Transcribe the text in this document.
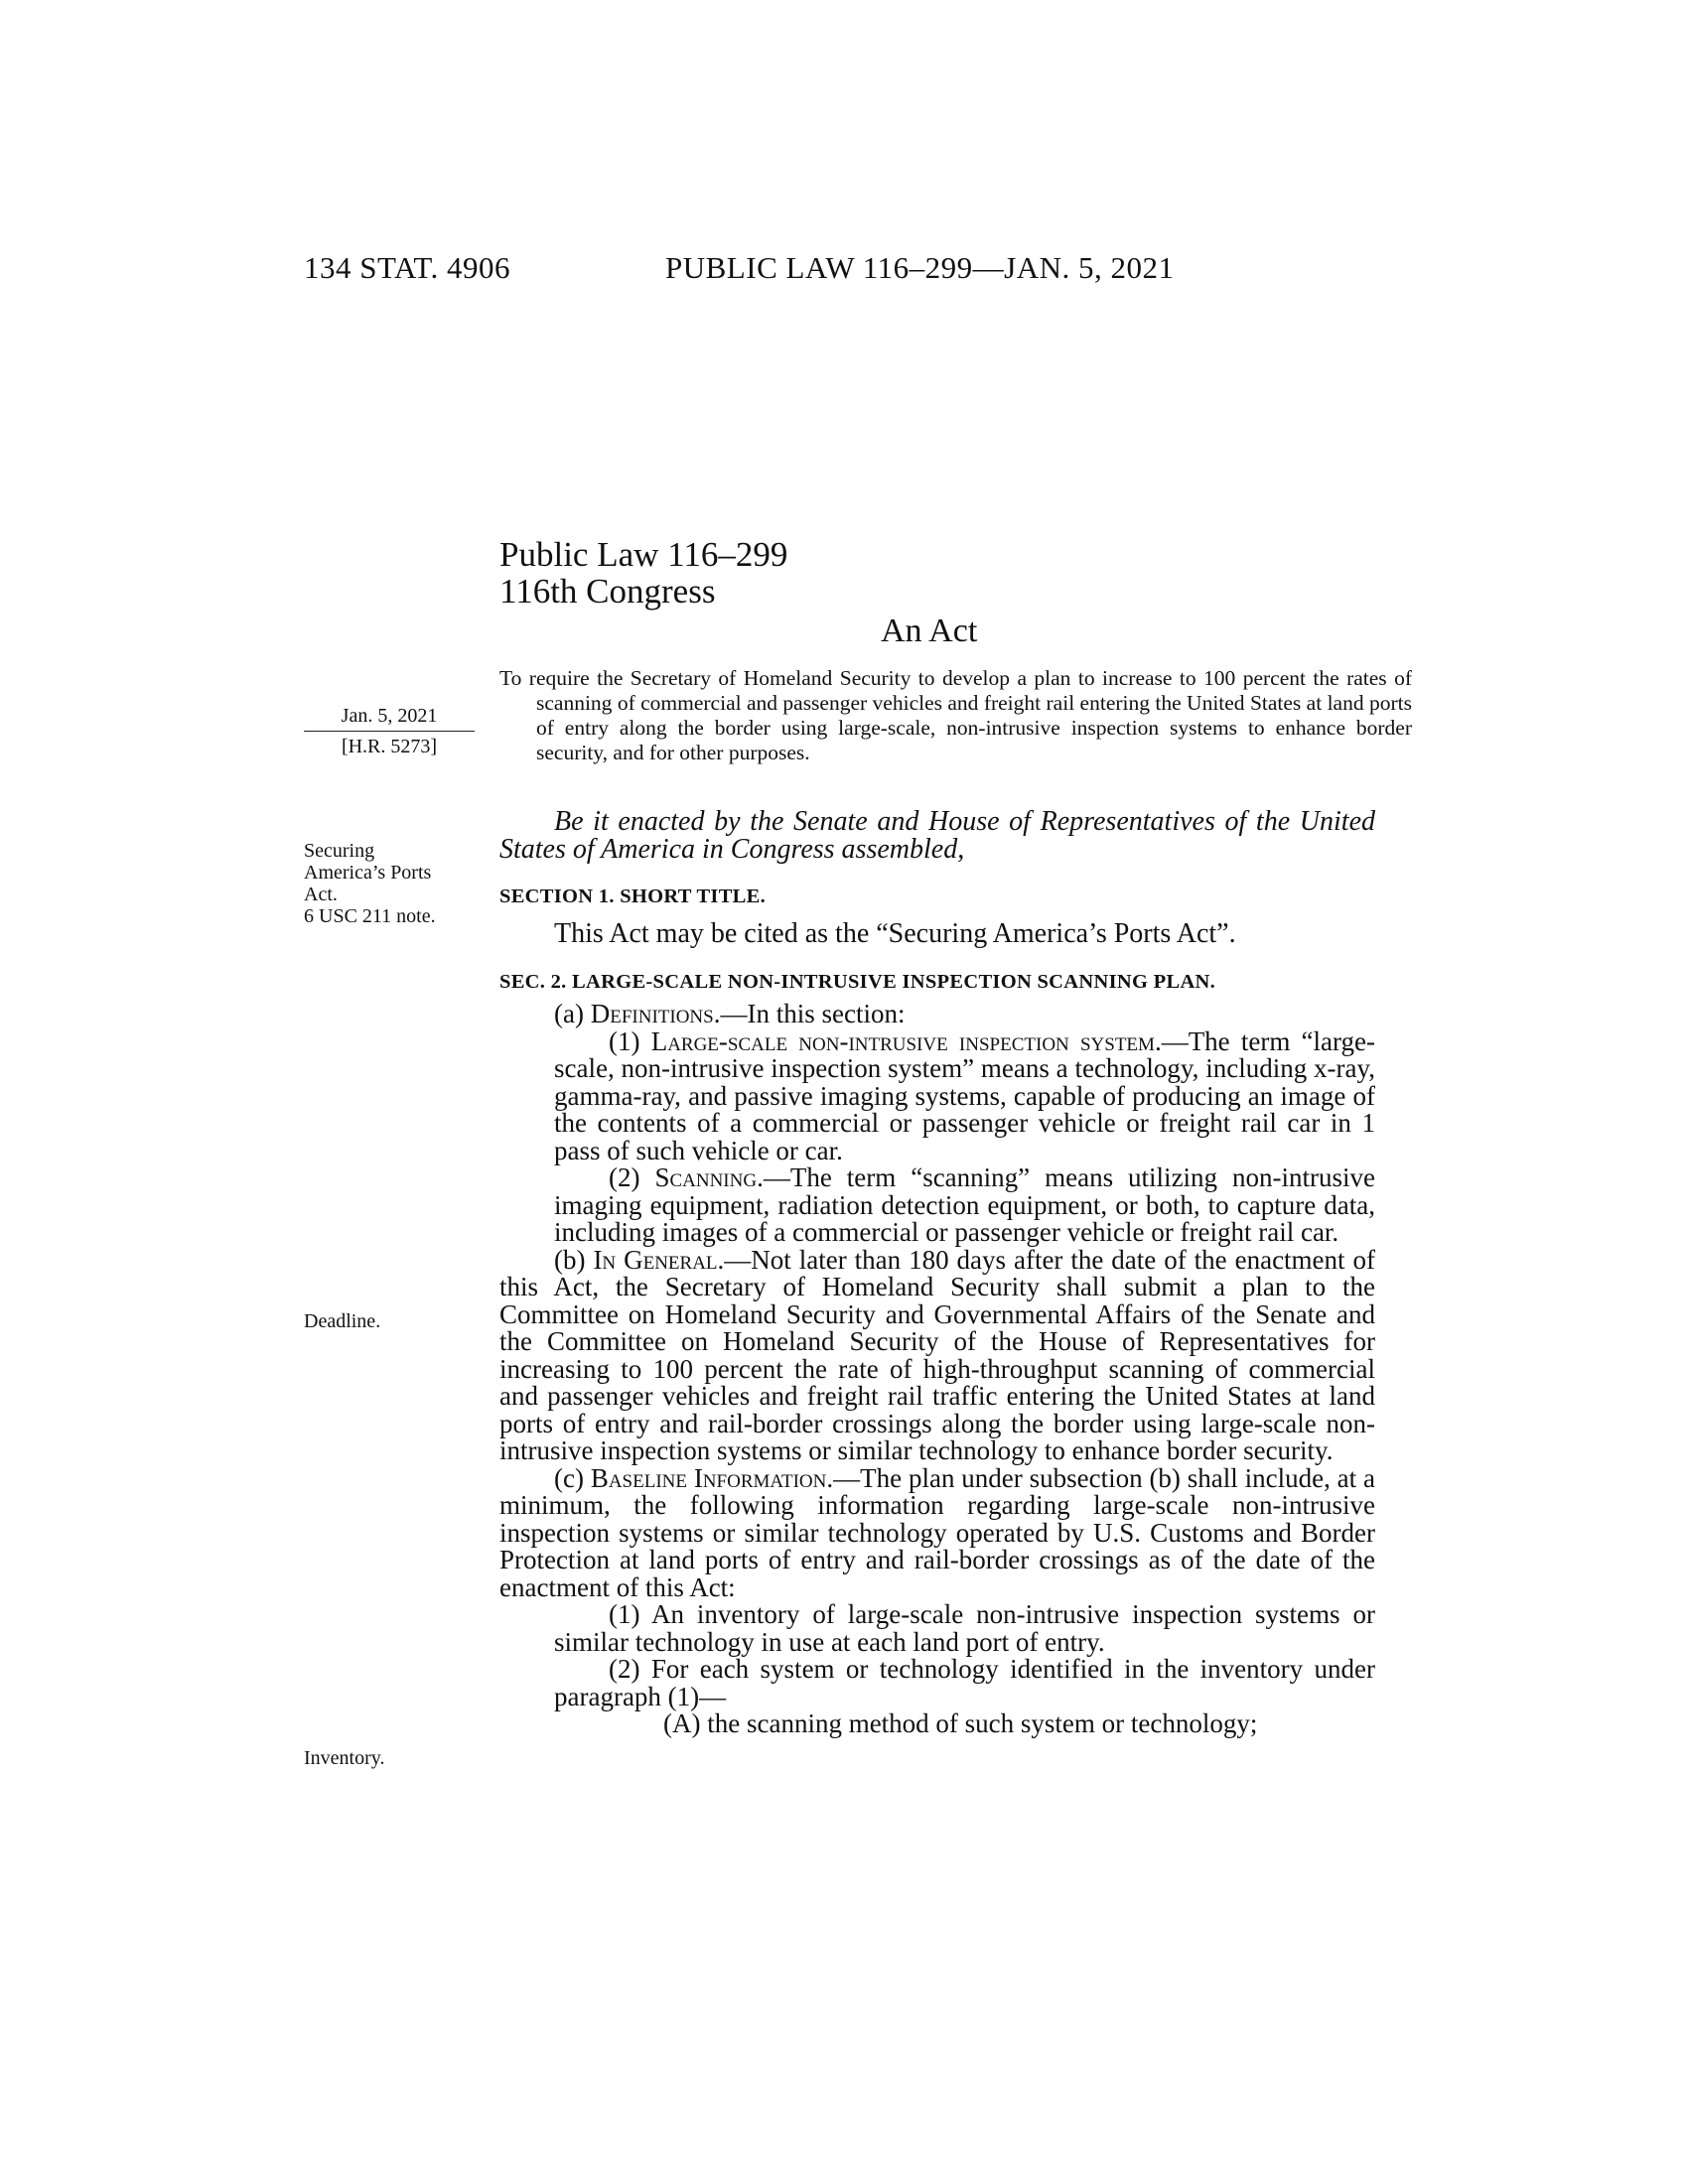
134 STAT. 4906	PUBLIC LAW 116–299—JAN. 5, 2021
Public Law 116–299
116th Congress
An Act
Jan. 5, 2021
[H.R. 5273]
To require the Secretary of Homeland Security to develop a plan to increase to 100 percent the rates of scanning of commercial and passenger vehicles and freight rail entering the United States at land ports of entry along the border using large-scale, non-intrusive inspection systems to enhance border security, and for other purposes.
Securing
America’s Ports
Act.
6 USC 211 note.
Be it enacted by the Senate and House of Representatives of the United States of America in Congress assembled,
SECTION 1. SHORT TITLE.
This Act may be cited as the “Securing America’s Ports Act”.
SEC. 2. LARGE-SCALE NON-INTRUSIVE INSPECTION SCANNING PLAN.

(a) Definitions.—In this section:

(1) Large-scale non-intrusive inspection system.—The term “large-scale, non-intrusive inspection system” means a technology, including x-ray, gamma-ray, and passive imaging systems, capable of producing an image of the contents of a commercial or passenger vehicle or freight rail car in 1 pass of such vehicle or car.

(2) Scanning.—The term “scanning” means utilizing non-intrusive imaging equipment, radiation detection equipment, or both, to capture data, including images of a commercial or passenger vehicle or freight rail car.

(b) In General.—Not later than 180 days after the date of the enactment of this Act, the Secretary of Homeland Security shall submit a plan to the Committee on Homeland Security and Governmental Affairs of the Senate and the Committee on Homeland Security of the House of Representatives for increasing to 100 percent the rate of high-throughput scanning of commercial and passenger vehicles and freight rail traffic entering the United States at land ports of entry and rail-border crossings along the border using large-scale non-intrusive inspection systems or similar technology to enhance border security.

(c) Baseline Information.—The plan under subsection (b) shall include, at a minimum, the following information regarding large-scale non-intrusive inspection systems or similar technology operated by U.S. Customs and Border Protection at land ports of entry and rail-border crossings as of the date of the enactment of this Act:

(1) An inventory of large-scale non-intrusive inspection systems or similar technology in use at each land port of entry.

(2) For each system or technology identified in the inventory under paragraph (1)—

(A) the scanning method of such system or technology;

Deadline.
Inventory.
